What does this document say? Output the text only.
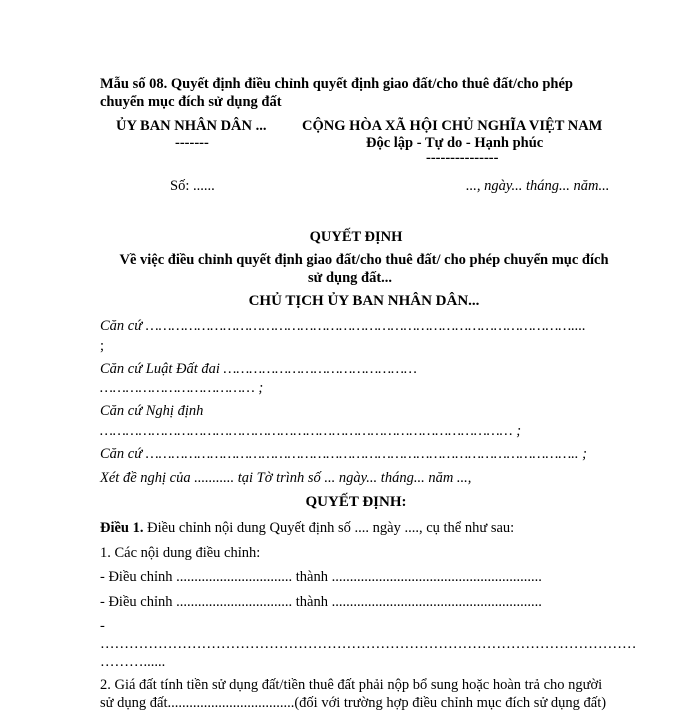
Mẫu số 08. Quyết định điều chỉnh quyết định giao đất/cho thuê đất/cho phép
chuyển mục đích sử dụng đất
ỦY BAN NHÂN DÂN ...
-------
CỘNG HÒA XÃ HỘI CHỦ NGHĨA VIỆT NAM
Độc lập - Tự do - Hạnh phúc
---------------
Số: ......	..., ngày... tháng... năm...
QUYẾT ĐỊNH
Về việc điều chỉnh quyết định giao đất/cho thuê đất/ cho phép chuyển mục đích
sử dụng đất...
CHỦ TỊCH ỦY BAN NHÂN DÂN...
Căn cứ ………………………………………………………………………………………....
;
Căn cứ Luật Đất đai ………………………………………
……………………………… ;
Căn cứ Nghị định
…………………………………………………………………………………… ;
Căn cứ ……………………………………………………………………………………….. ;
Xét đề nghị của ........... tại Tờ trình số ... ngày... tháng... năm ...,
QUYẾT ĐỊNH:
Điều 1. Điều chỉnh nội dung Quyết định số .... ngày ...., cụ thể như sau:
1. Các nội dung điều chỉnh:
- Điều chỉnh ................................ thành ..........................................................
- Điều chỉnh ................................ thành ..........................................................
-
…………………………………………………………………………………………………
………......
2. Giá đất tính tiền sử dụng đất/tiền thuê đất phải nộp bổ sung hoặc hoàn trả cho người
sử dụng đất...................................(đối với trường hợp điều chỉnh mục đích sử dụng đất)
